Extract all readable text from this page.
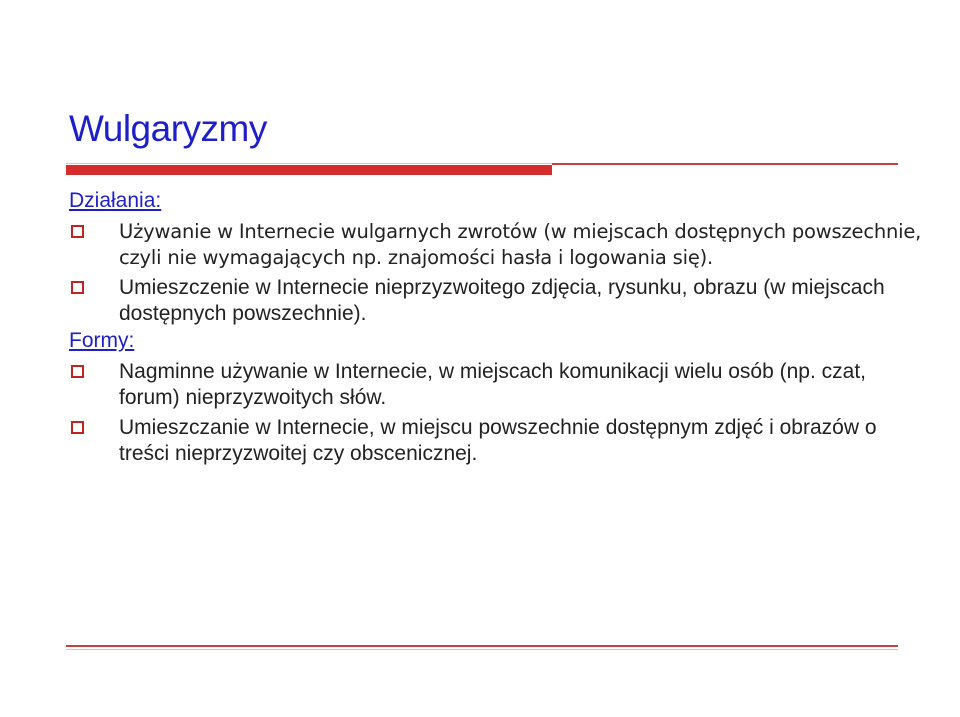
Wulgaryzmy

Działania:

Używanie w Internecie wulgarnych zwrotów (w miejscach dostępnych powszechnie, czyli nie wymagających np. znajomości hasła i logowania się).
Umieszczenie w Internecie nieprzyzwoitego zdjęcia, rysunku, obrazu (w miejscach dostępnych powszechnie).

Formy:

Nagminne używanie w Internecie, w miejscach komunikacji wielu osób (np. czat, forum) nieprzyzwoitych słów.
Umieszczanie w Internecie, w miejscu powszechnie dostępnym zdjęć i obrazów o treści nieprzyzwoitej czy obscenicznej.
